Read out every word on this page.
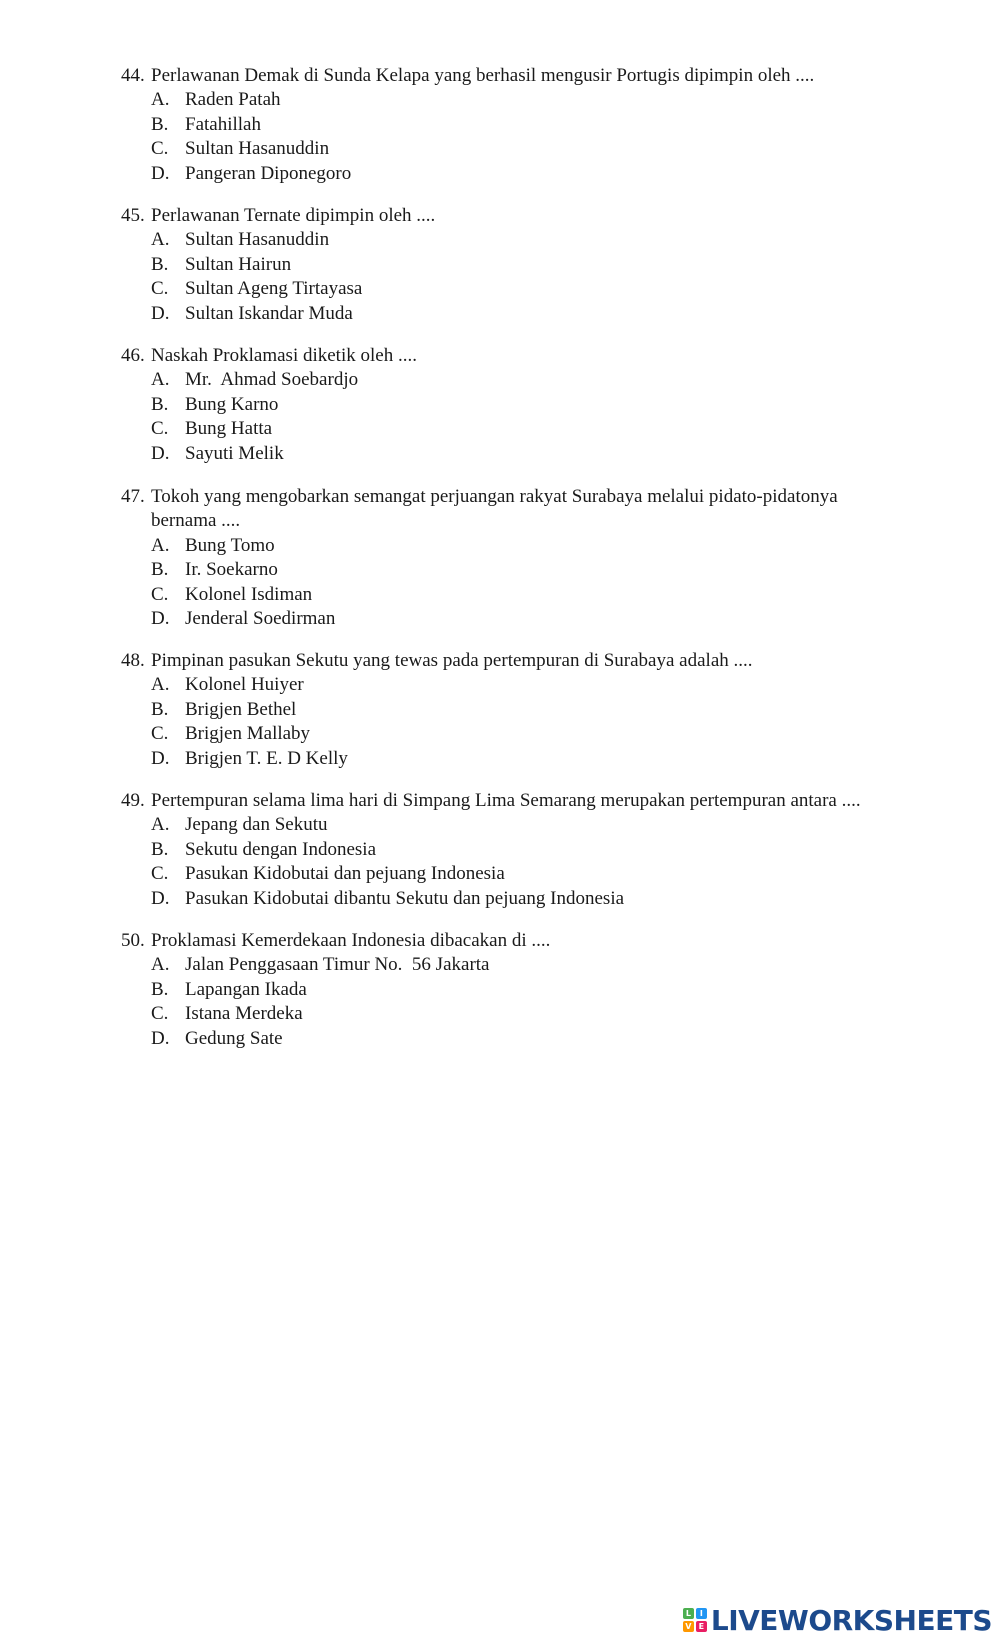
44. Perlawanan Demak di Sunda Kelapa yang berhasil mengusir Portugis dipimpin oleh ....
A. Raden Patah
B. Fatahillah
C. Sultan Hasanuddin
D. Pangeran Diponegoro
45. Perlawanan Ternate dipimpin oleh ....
A. Sultan Hasanuddin
B. Sultan Hairun
C. Sultan Ageng Tirtayasa
D. Sultan Iskandar Muda
46. Naskah Proklamasi diketik oleh ....
A. Mr.  Ahmad Soebardjo
B. Bung Karno
C. Bung Hatta
D. Sayuti Melik
47. Tokoh yang mengobarkan semangat perjuangan rakyat Surabaya melalui pidato-pidatonya bernama ....
A. Bung Tomo
B. Ir. Soekarno
C. Kolonel Isdiman
D. Jenderal Soedirman
48. Pimpinan pasukan Sekutu yang tewas pada pertempuran di Surabaya adalah ....
A. Kolonel Huiyer
B. Brigjen Bethel
C. Brigjen Mallaby
D. Brigjen T. E. D Kelly
49. Pertempuran selama lima hari di Simpang Lima Semarang merupakan pertempuran antara ....
A. Jepang dan Sekutu
B. Sekutu dengan Indonesia
C. Pasukan Kidobutai dan pejuang Indonesia
D. Pasukan Kidobutai dibantu Sekutu dan pejuang Indonesia
50. Proklamasi Kemerdekaan Indonesia dibacakan di ....
A. Jalan Penggasaan Timur No.  56 Jakarta
B. Lapangan Ikada
C. Istana Merdeka
D. Gedung Sate
L	I
V E LIVEWORKSHEETS
